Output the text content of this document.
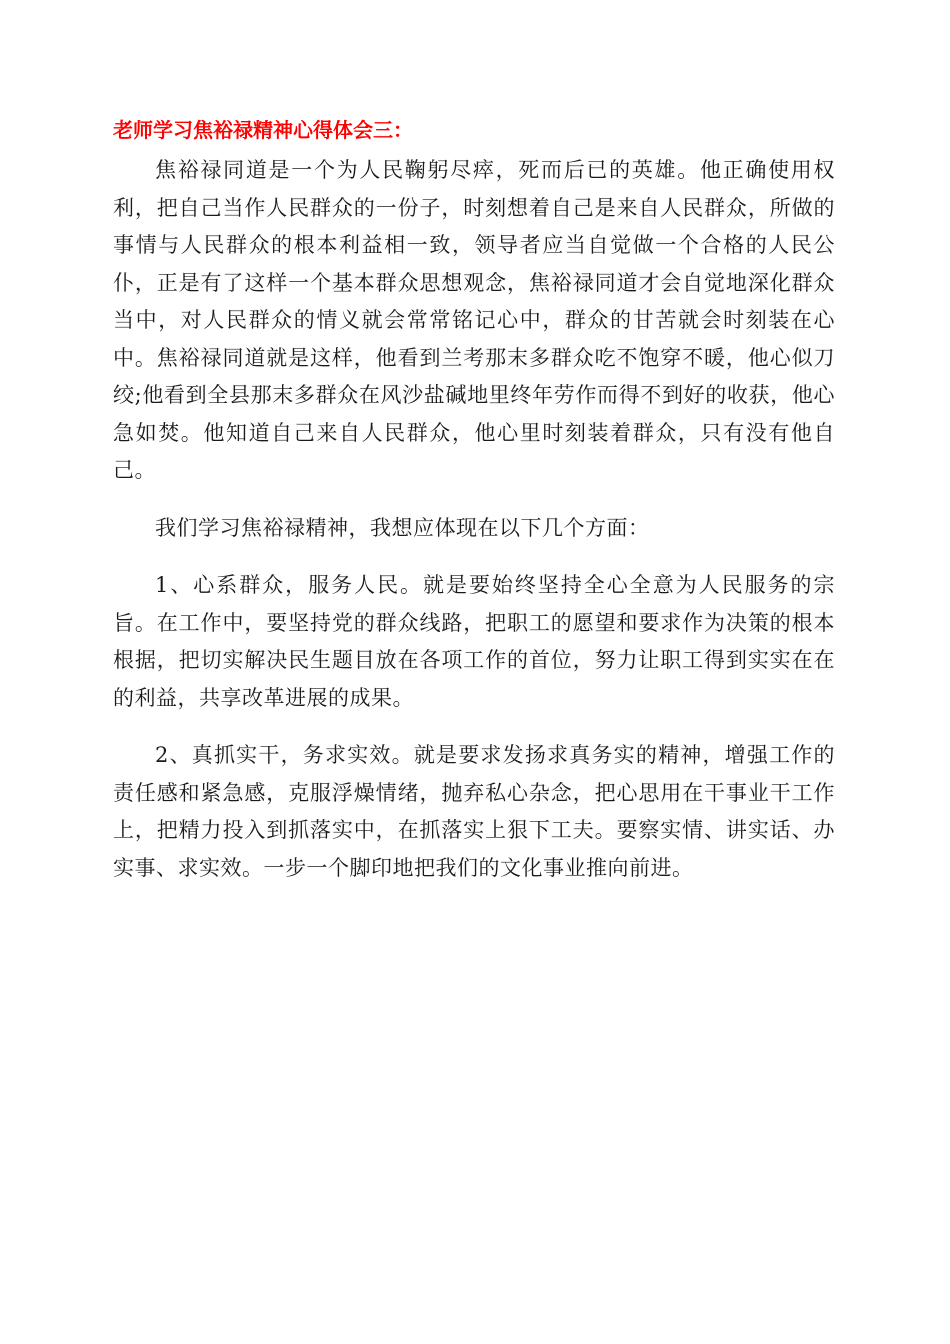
老师学习焦裕禄精神心得体会三：

焦裕禄同道是一个为人民鞠躬尽瘁，死而后已的英雄。他正确使用权利，把自己当作人民群众的一份子，时刻想着自己是来自人民群众，所做的事情与人民群众的根本利益相一致，领导者应当自觉做一个合格的人民公仆，正是有了这样一个基本群众思想观念，焦裕禄同道才会自觉地深化群众当中，对人民群众的情义就会常常铭记心中，群众的甘苦就会时刻装在心中。焦裕禄同道就是这样，他看到兰考那末多群众吃不饱穿不暖，他心似刀绞;他看到全县那末多群众在风沙盐碱地里终年劳作而得不到好的收获，他心急如焚。他知道自己来自人民群众，他心里时刻装着群众，只有没有他自己。

我们学习焦裕禄精神，我想应体现在以下几个方面：

1、心系群众，服务人民。就是要始终坚持全心全意为人民服务的宗旨。在工作中，要坚持党的群众线路，把职工的愿望和要求作为决策的根本根据，把切实解决民生题目放在各项工作的首位，努力让职工得到实实在在的利益，共享改革进展的成果。

2、真抓实干，务求实效。就是要求发扬求真务实的精神，增强工作的责任感和紧急感，克服浮燥情绪，抛弃私心杂念，把心思用在干事业干工作上，把精力投入到抓落实中，在抓落实上狠下工夫。要察实情、讲实话、办实事、求实效。一步一个脚印地把我们的文化事业推向前进。
